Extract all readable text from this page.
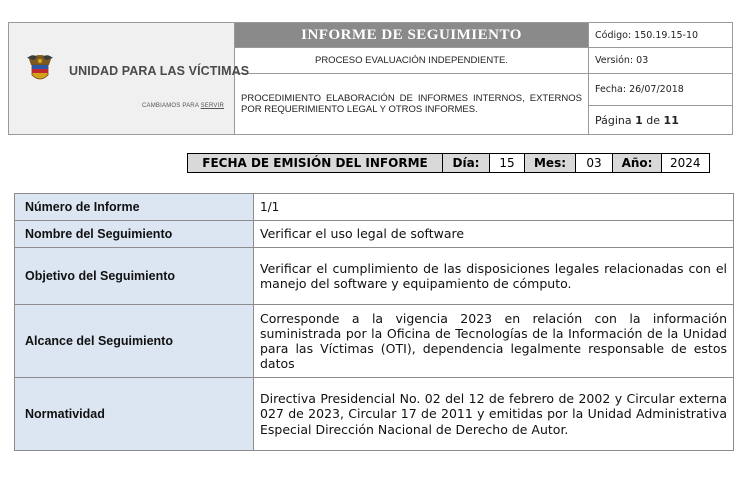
UNIDAD PARA LAS VÍCTIMAS
CAMBIAMOS PARA SERVIR	INFORME DE SEGUIMIENTO	Código: 150.19.15-10
	PROCESO EVALUACIÓN INDEPENDIENTE.	Versión: 03
	PROCEDIMIENTO ELABORACIÓN DE INFORMES INTERNOS, EXTERNOS POR REQUERIMIENTO LEGAL Y OTROS INFORMES.	Fecha: 26/07/2018
		Página 1 de 11
FECHA DE EMISIÓN DEL INFORME	Día:	15	Mes:	03	Año:	2024
Número de Informe	1/1
Nombre del Seguimiento	Verificar el uso legal de software
Objetivo del Seguimiento	Verificar el cumplimiento de las disposiciones legales relacionadas con el manejo del software y equipamiento de cómputo.
Alcance del Seguimiento	Corresponde a la vigencia 2023 en relación con la información suministrada por la Oficina de Tecnologías de la Información de la Unidad para las Víctimas (OTI), dependencia legalmente responsable de estos datos
Normatividad	Directiva Presidencial No. 02 del 12 de febrero de 2002 y Circular externa 027 de 2023, Circular 17 de 2011 y emitidas por la Unidad Administrativa Especial Dirección Nacional de Derecho de Autor.
